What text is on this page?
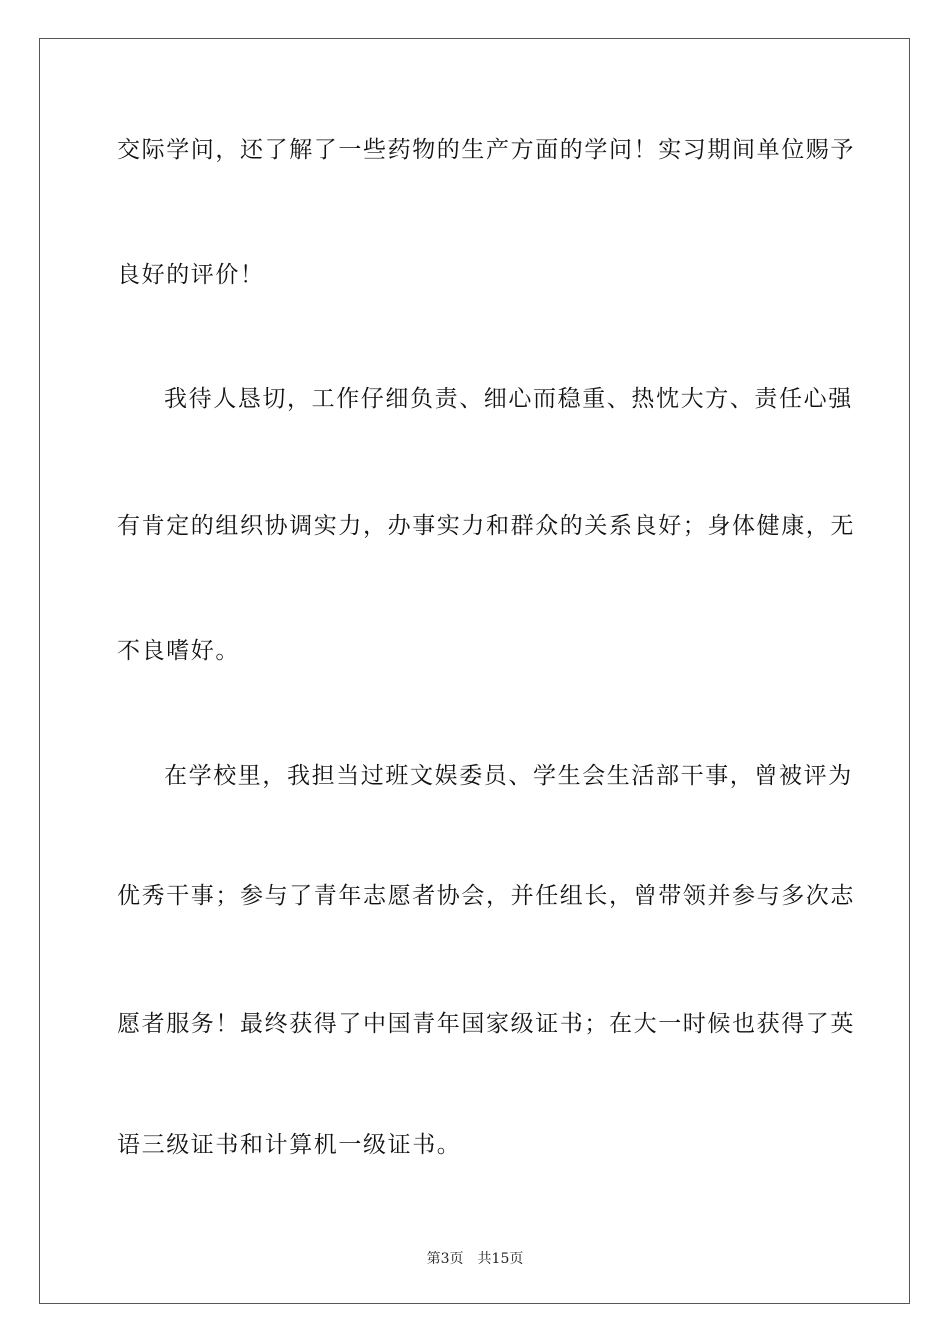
交际学问，还了解了一些药物的生产方面的学问！实习期间单位赐予
良好的评价！
我待人恳切，工作仔细负责、细心而稳重、热忱大方、责任心强
有肯定的组织协调实力，办事实力和群众的关系良好；身体健康，无
不良嗜好。
在学校里，我担当过班文娱委员、学生会生活部干事，曾被评为
优秀干事；参与了青年志愿者协会，并任组长，曾带领并参与多次志
愿者服务！最终获得了中国青年国家级证书；在大一时候也获得了英
语三级证书和计算机一级证书。
第3页 共15页
